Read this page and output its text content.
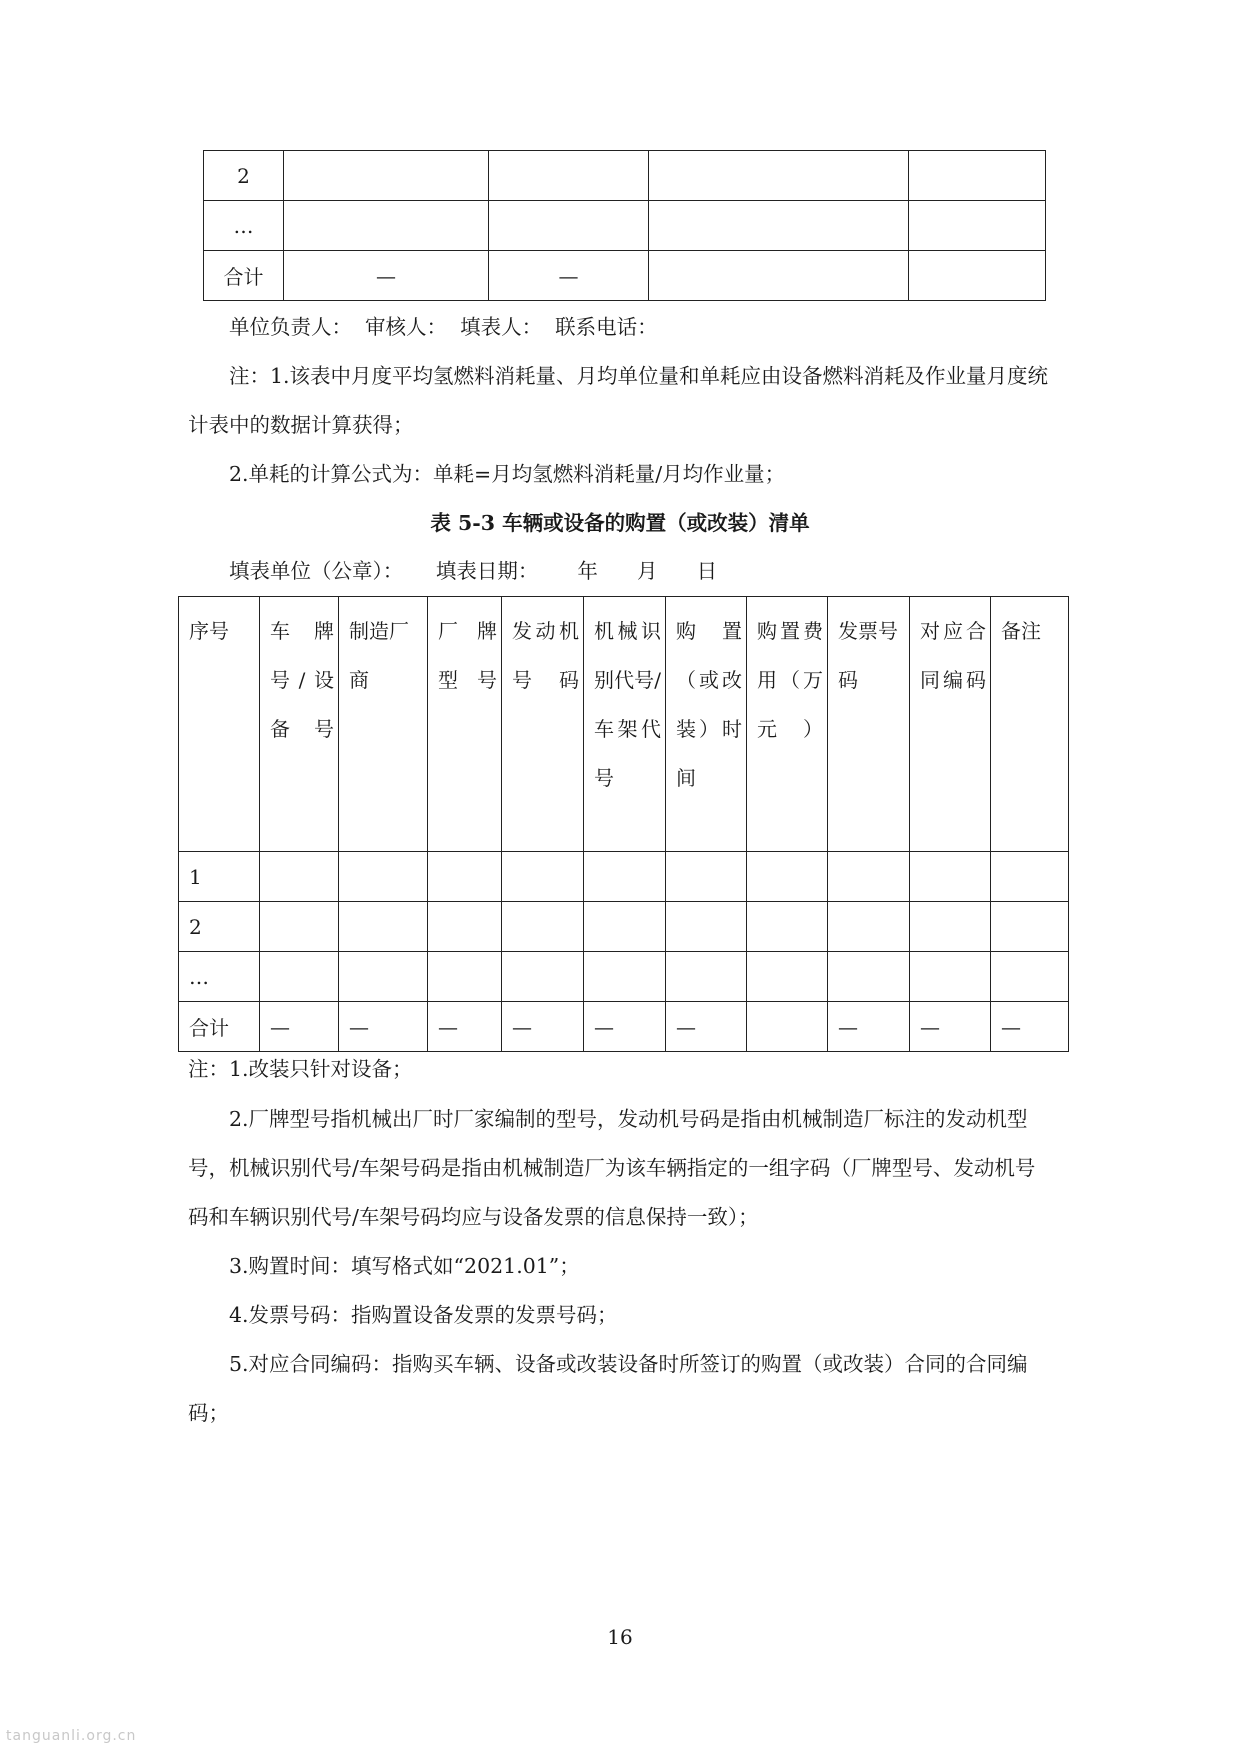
2				
…				
合计	—	—		

单位负责人：  审核人：  填表人：  联系电话：

注：1.该表中月度平均氢燃料消耗量、月均单位量和单耗应由设备燃料消耗及作业量月度统计表中的数据计算获得；

2.单耗的计算公式为：单耗=月均氢燃料消耗量/月均作业量；

表 5-3 车辆或设备的购置（或改装）清单

填表单位（公章）：     填表日期：      年      月      日

序号	车牌号/设备号	制造厂商	厂牌型号	发动机号码	机械识别代号/车架代号	购置（或改装）时间	购置费用（万元）	发票号码	对应合同编码	备注
1										
2										
…										
合计	—	—	—	—	—	—		—	—	—

注：1.改装只针对设备；

2.厂牌型号指机械出厂时厂家编制的型号，发动机号码是指由机械制造厂标注的发动机型号，机械识别代号/车架号码是指由机械制造厂为该车辆指定的一组字码（厂牌型号、发动机号码和车辆识别代号/车架号码均应与设备发票的信息保持一致）；

3.购置时间：填写格式如“2021.01”；

4.发票号码：指购置设备发票的发票号码；

5.对应合同编码：指购买车辆、设备或改装设备时所签订的购置（或改装）合同的合同编码；

16
tanguanli.org.cn
